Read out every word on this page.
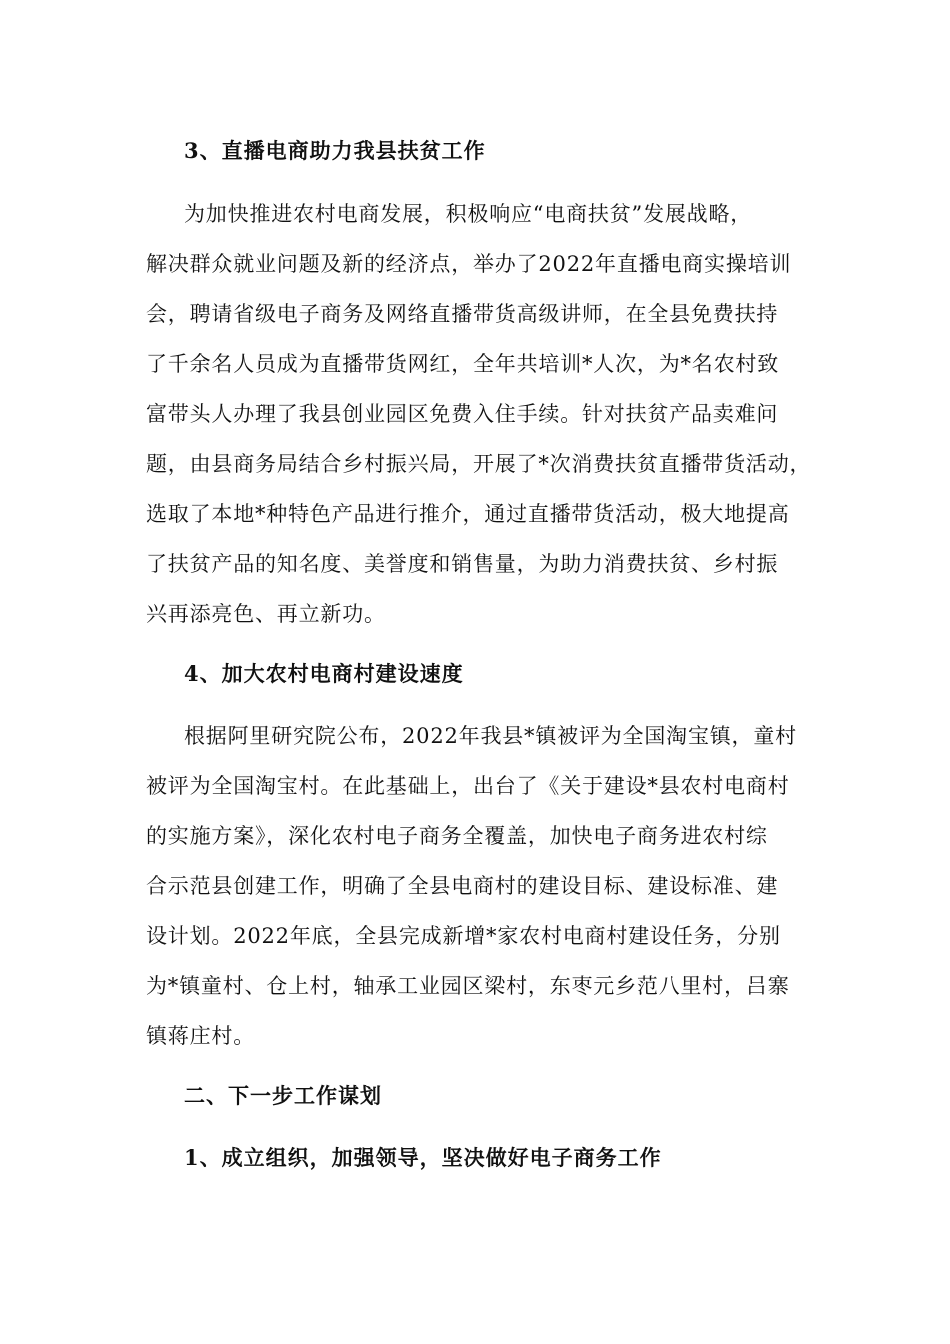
3、直播电商助力我县扶贫工作
为加快推进农村电商发展，积极响应“电商扶贫”发展战略，
解决群众就业问题及新的经济点，举办了2022年直播电商实操培训
会，聘请省级电子商务及网络直播带货高级讲师，在全县免费扶持
了千余名人员成为直播带货网红，全年共培训*人次，为*名农村致
富带头人办理了我县创业园区免费入住手续。针对扶贫产品卖难问
题，由县商务局结合乡村振兴局，开展了*次消费扶贫直播带货活动，
选取了本地*种特色产品进行推介，通过直播带货活动，极大地提高
了扶贫产品的知名度、美誉度和销售量，为助力消费扶贫、乡村振
兴再添亮色、再立新功。
4、加大农村电商村建设速度
根据阿里研究院公布，2022年我县*镇被评为全国淘宝镇，童村
被评为全国淘宝村。在此基础上，出台了《关于建设*县农村电商村
的实施方案》，深化农村电子商务全覆盖，加快电子商务进农村综
合示范县创建工作，明确了全县电商村的建设目标、建设标准、建
设计划。2022年底，全县完成新增*家农村电商村建设任务，分别
为*镇童村、仓上村，轴承工业园区梁村，东枣元乡范八里村，吕寨
镇蒋庄村。
二、下一步工作谋划
1、成立组织，加强领导，坚决做好电子商务工作
